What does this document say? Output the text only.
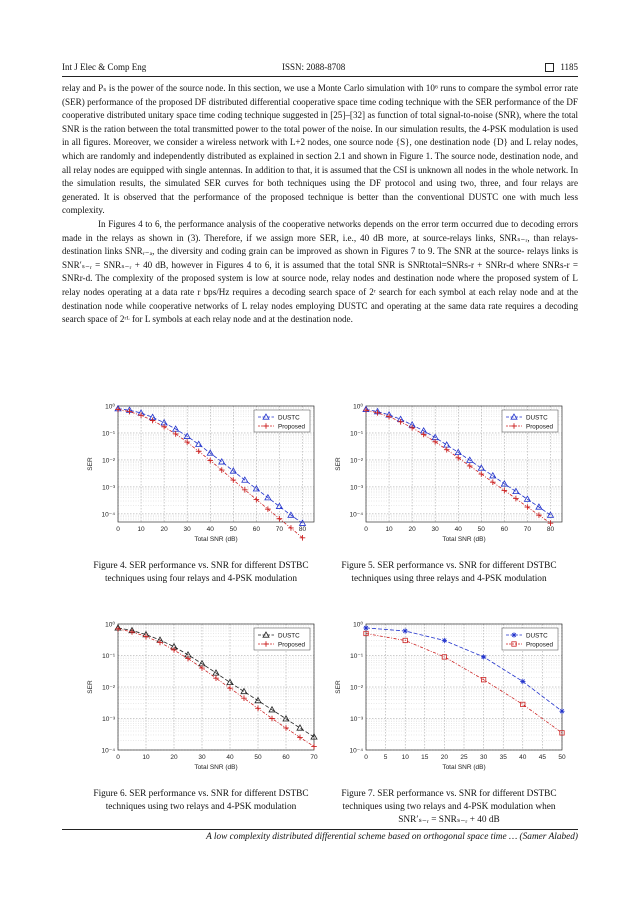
Int J Elec & Comp Eng	ISSN: 2088-8708	1185

relay and Pₛ is the power of the source node. In this section, we use a Monte Carlo simulation with 10⁶ runs to compare the symbol error rate (SER) performance of the proposed DF distributed differential cooperative space time coding technique with the SER performance of the DF cooperative distributed unitary space time coding technique suggested in [25]–[32] as function of total signal-to-noise (SNR), where the total SNR is the ration between the total transmitted power to the total power of the noise. In our simulation results, the 4-PSK modulation is used in all figures. Moreover, we consider a wireless network with L+2 nodes, one source node {S}, one destination node {D} and L relay nodes, which are randomly and independently distributed as explained in section 2.1 and shown in Figure 1. The source node, destination node, and all relay nodes are equipped with single antennas. In addition to that, it is assumed that the CSI is unknown all nodes in the whole network. In the simulation results, the simulated SER curves for both techniques using the DF protocol and using two, three, and four relays are generated. It is observed that the performance of the proposed technique is better than the conventional DUSTC one with much less complexity.

In Figures 4 to 6, the performance analysis of the cooperative networks depends on the error term occurred due to decoding errors made in the relays as shown in (3). Therefore, if we assign more SER, i.e., 40 dB more, at source-relays links, SNRₛ₋ᵣ, than relays-destination links SNRᵣ₋ₐ, the diversity and coding grain can be improved as shown in Figures 7 to 9. The SNR at the source- relays links is SNR′ₛ₋ᵣ = SNRₛ₋ᵣ + 40 dB, however in Figures 4 to 6, it is assumed that the total SNR is SNRtotal=SNRs-r + SNRr-d where SNRs-r = SNRr-d. The complexity of the proposed system is low at source node, relay nodes and destination node where the proposed system of L relay nodes operating at a data rate r bps/Hz requires a decoding search space of 2ʳ search for each symbol at each relay node and at the destination node while cooperative networks of L relay nodes employing DUSTC and operating at the same data rate requires a decoding search space of 2ʳᴸ for L symbols at each relay node and at the destination node.

10⁰
10⁻¹
10⁻²
10⁻³
10⁻⁴
0	10 20 30 40 50 60 70 80
Total SNR (dB)
SER
DUSTC
Proposed
Figure 4. SER performance vs. SNR for different DSTBC techniques using four relays and 4-PSK modulation
10⁰
10⁻¹
10⁻²
10⁻³
10⁻⁴
0	10 20 30 40 50 60 70 80
Total SNR (dB)
SER
DUSTC
Proposed
Figure 5. SER performance vs. SNR for different DSTBC techniques using three relays and 4-PSK modulation
10⁰
10⁻¹
10⁻²
10⁻³
10⁻⁴
0	10	20	30	40	50	60	70
Total SNR (dB)
SER
DUSTC
Proposed
Figure 6. SER performance vs. SNR for different DSTBC techniques using two relays and 4-PSK modulation
10⁰
10⁻¹
10⁻²
10⁻³
10⁻⁴
0 5 10 15 20 25 30 35 40 45 50
Total SNR (dB)
SER
DUSTC
Proposed
Figure 7. SER performance vs. SNR for different DSTBC techniques using two relays and 4-PSK modulation when SNR′ₛ₋ᵣ = SNRₛ₋ᵣ + 40 dB
A low complexity distributed differential scheme based on orthogonal space time … (Samer Alabed)
